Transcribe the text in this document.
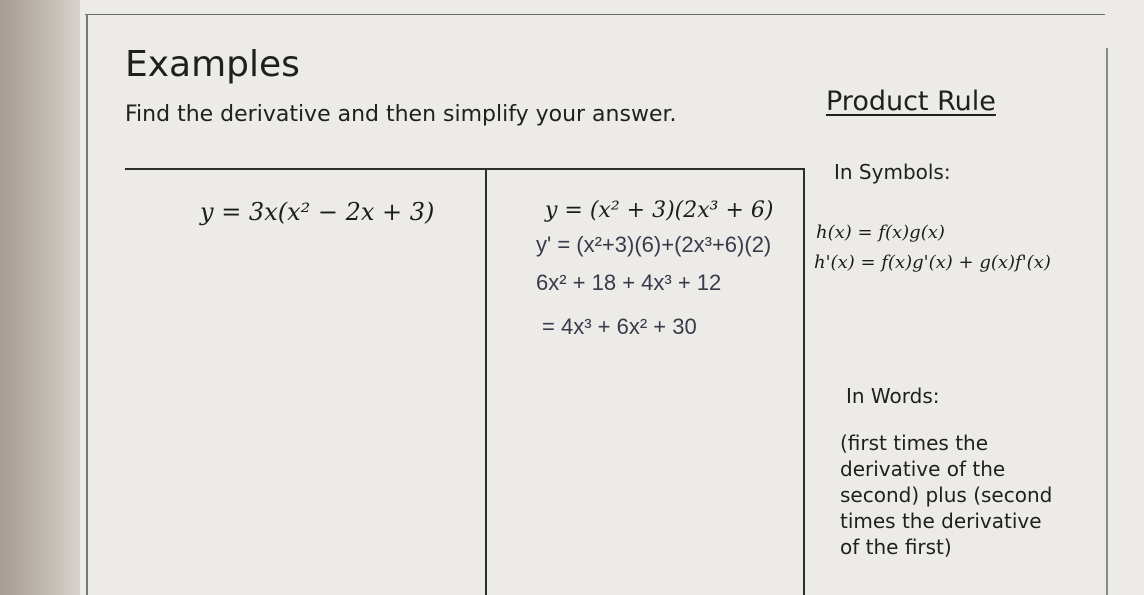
Examples
Find the derivative and then simplify your answer.	Product Rule
y = 3x(x² − 2x + 3)	y = (x² + 3)(2x³ + 6)
y' = (x²+3)(6)+(2x³+6)(2)
6x² + 18 + 4x³ + 12
= 4x³ + 6x² + 30
In Symbols:
h(x) = f(x)g(x)
h'(x) = f(x)g'(x) + g(x)f'(x)
In Words:
(first times the
derivative of the
second) plus (second
times the derivative
of the first)
